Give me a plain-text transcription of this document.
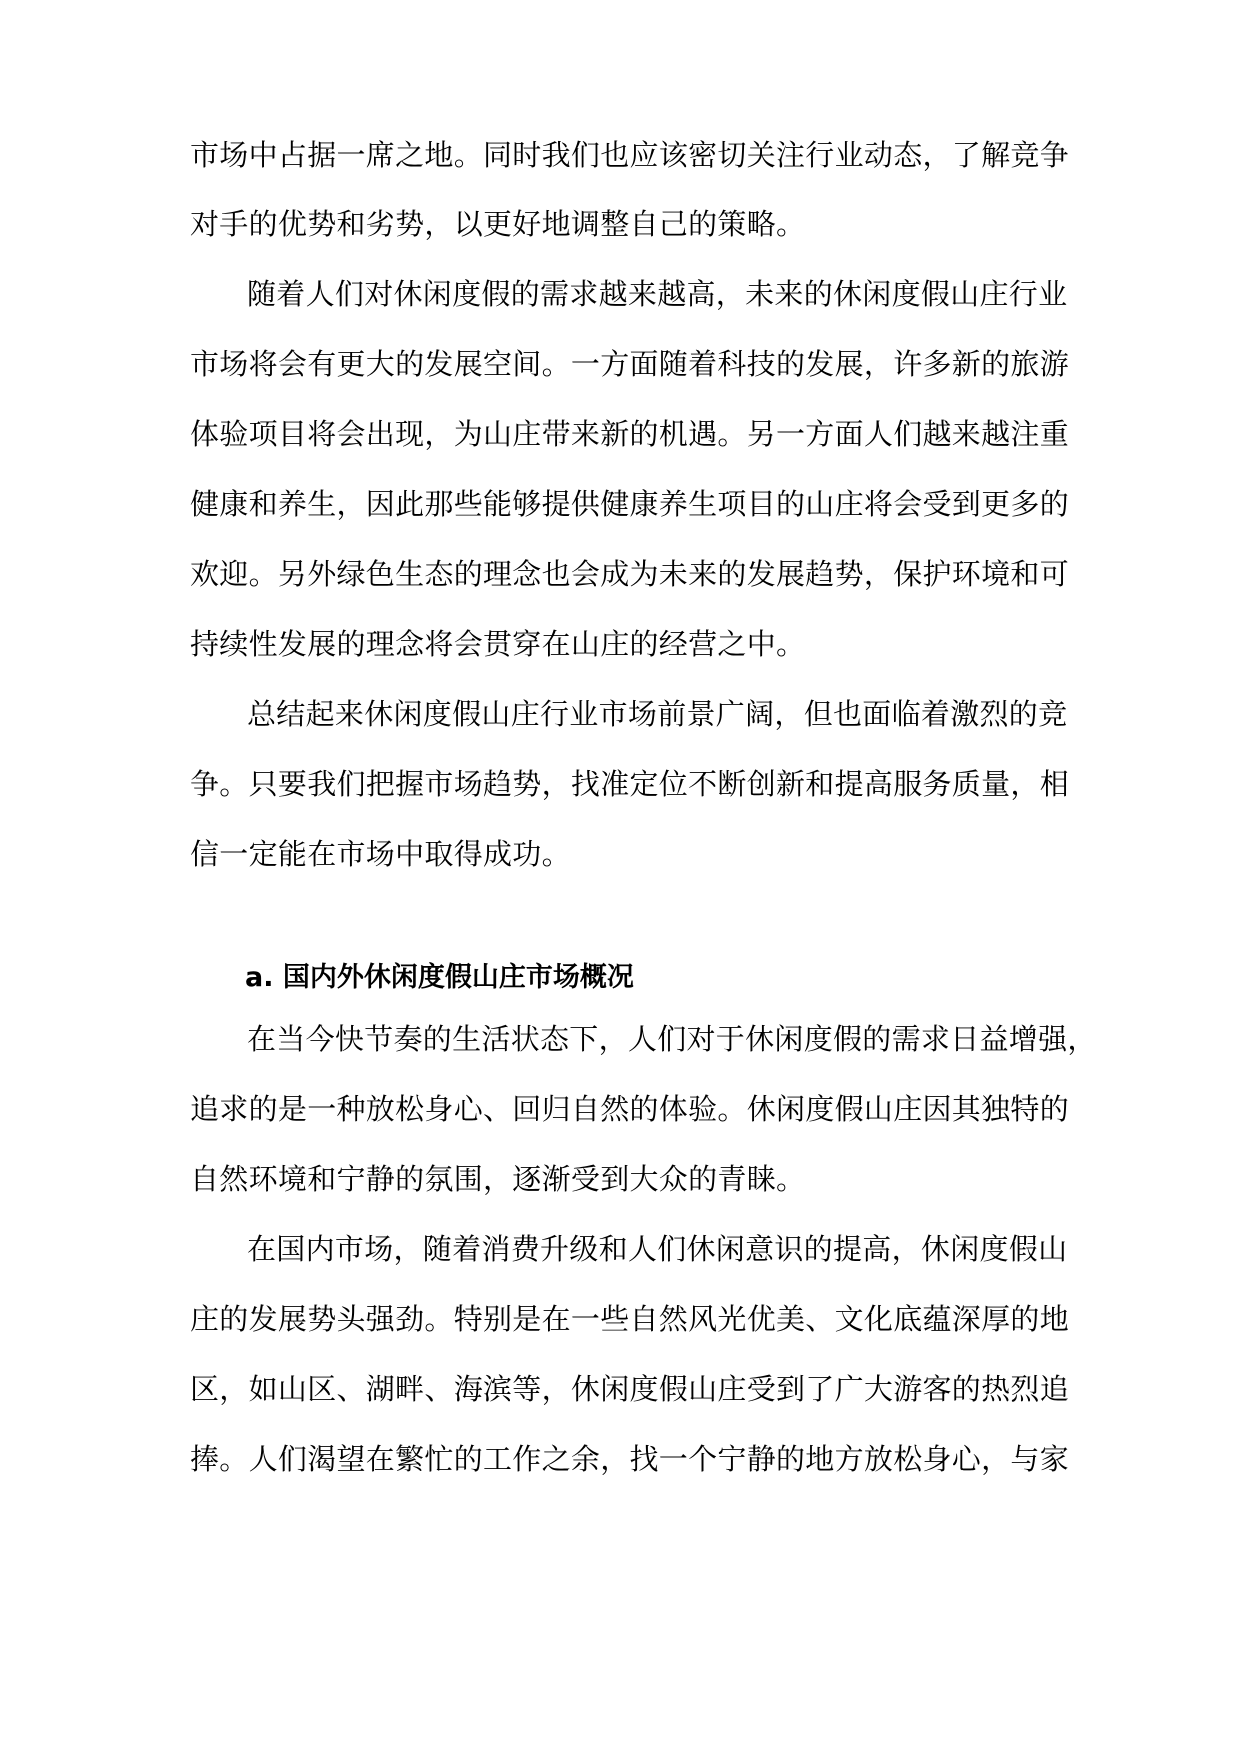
市场中占据一席之地。同时我们也应该密切关注行业动态，了解竞争
对手的优势和劣势，以更好地调整自己的策略。
随着人们对休闲度假的需求越来越高，未来的休闲度假山庄行业
市场将会有更大的发展空间。一方面随着科技的发展，许多新的旅游
体验项目将会出现，为山庄带来新的机遇。另一方面人们越来越注重
健康和养生，因此那些能够提供健康养生项目的山庄将会受到更多的
欢迎。另外绿色生态的理念也会成为未来的发展趋势，保护环境和可
持续性发展的理念将会贯穿在山庄的经营之中。
总结起来休闲度假山庄行业市场前景广阔，但也面临着激烈的竞
争。只要我们把握市场趋势，找准定位不断创新和提高服务质量，相
信一定能在市场中取得成功。
在当今快节奏的生活状态下，人们对于休闲度假的需求日益增强，
追求的是一种放松身心、回归自然的体验。休闲度假山庄因其独特的
自然环境和宁静的氛围，逐渐受到大众的青睐。
在国内市场，随着消费升级和人们休闲意识的提高，休闲度假山
庄的发展势头强劲。特别是在一些自然风光优美、文化底蕴深厚的地
区，如山区、湖畔、海滨等，休闲度假山庄受到了广大游客的热烈追
捧。人们渴望在繁忙的工作之余，找一个宁静的地方放松身心，与家
a. 国内外休闲度假山庄市场概况
